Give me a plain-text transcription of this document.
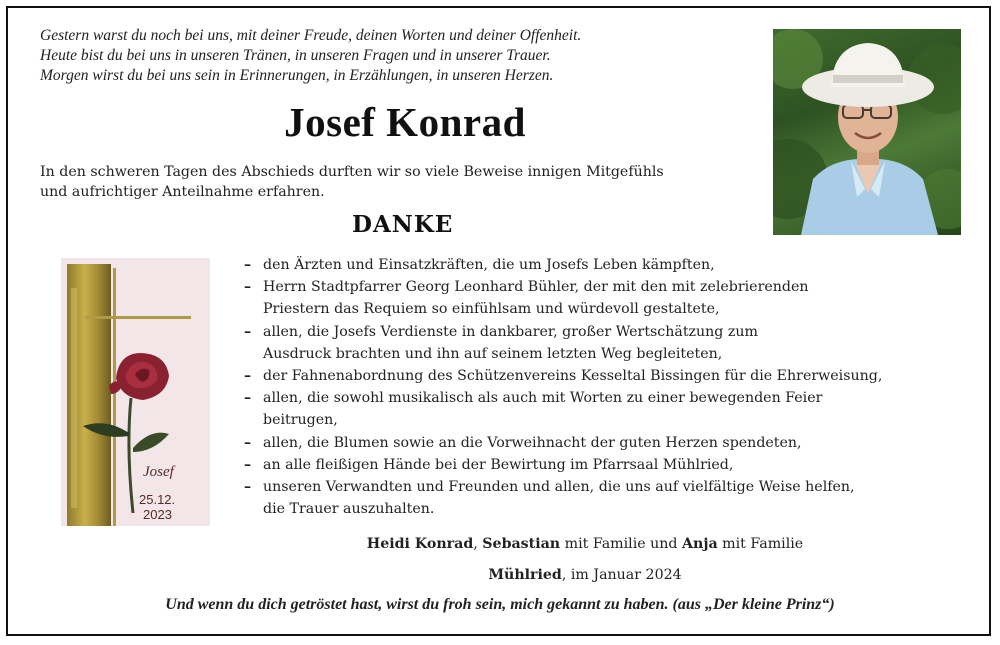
Gestern warst du noch bei uns, mit deiner Freude, deinen Worten und deiner Offenheit.
Heute bist du bei uns in unseren Tränen, in unseren Fragen und in unserer Trauer.
Morgen wirst du bei uns sein in Erinnerungen, in Erzählungen, in unseren Herzen.
Josef Konrad
In den schweren Tagen des Abschieds durften wir so viele Beweise innigen Mitgefühls
und aufrichtiger Anteilnahme erfahren.
DANKE
Josef
25.12.
2023
– den Ärzten und Einsatzkräften, die um Josefs Leben kämpften,
– Herrn Stadtpfarrer Georg Leonhard Bühler, der mit den mit zelebrierenden
Priestern das Requiem so einfühlsam und würdevoll gestaltete,
– allen, die Josefs Verdienste in dankbarer, großer Wertschätzung zum
Ausdruck brachten und ihn auf seinem letzten Weg begleiteten,
– der Fahnenabordnung des Schützenvereins Kesseltal Bissingen für die Ehrerweisung,
– allen, die sowohl musikalisch als auch mit Worten zu einer bewegenden Feier
beitrugen,
– allen, die Blumen sowie an die Vorweihnacht der guten Herzen spendeten,
– an alle fleißigen Hände bei der Bewirtung im Pfarrsaal Mühlried,
– unseren Verwandten und Freunden und allen, die uns auf vielfältige Weise helfen,
die Trauer auszuhalten.
Heidi Konrad, Sebastian mit Familie und Anja mit Familie
Mühlried, im Januar 2024
Und wenn du dich getröstet hast, wirst du froh sein, mich gekannt zu haben. (aus „Der kleine Prinz“)
